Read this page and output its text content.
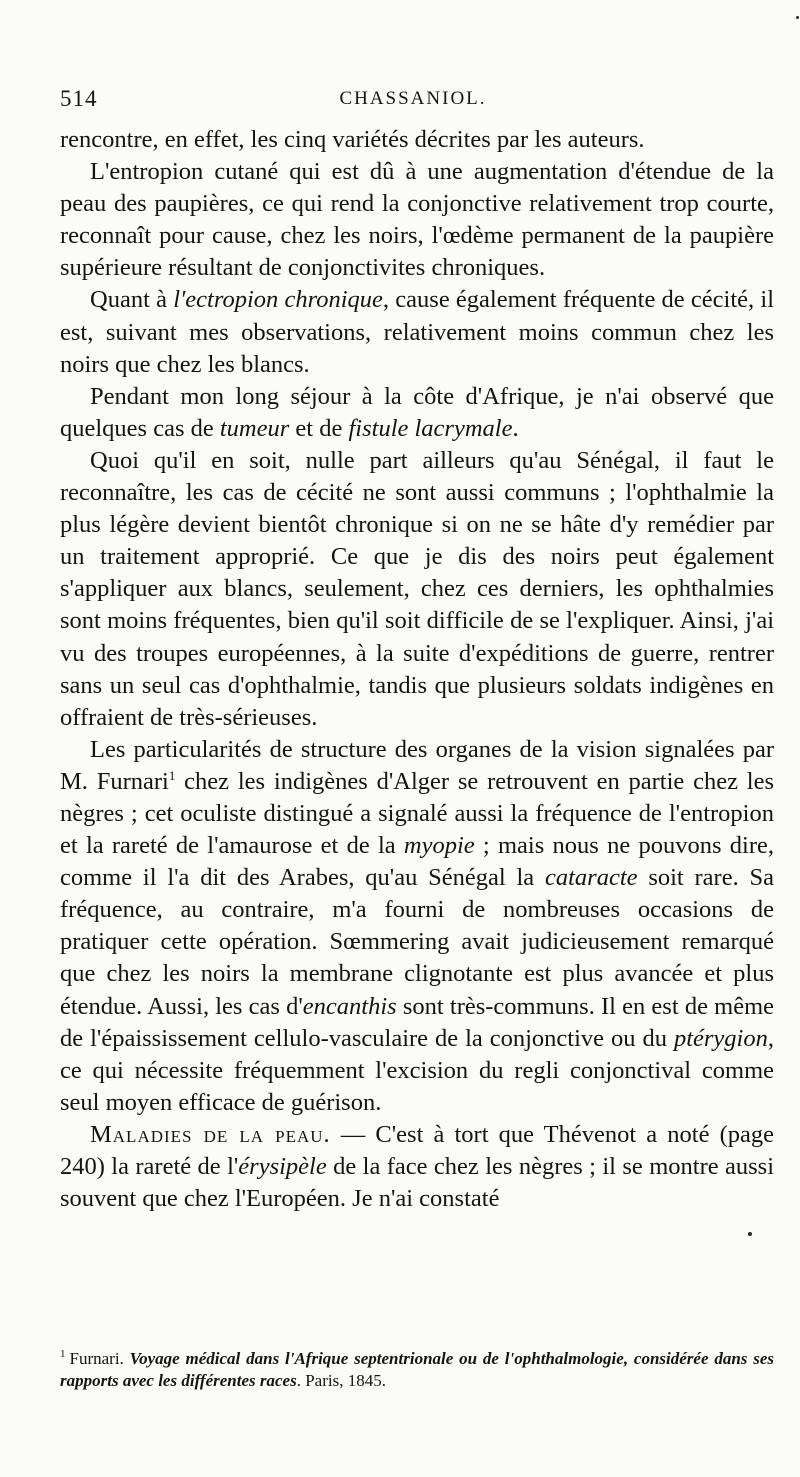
514	CHASSANIOL.

rencontre, en effet, les cinq variétés décrites par les auteurs.

L'entropion cutané qui est dû à une augmentation d'étendue de la peau des paupières, ce qui rend la conjonctive relativement trop courte, reconnaît pour cause, chez les noirs, l'œdème permanent de la paupière supérieure résultant de conjonctivites chroniques.

Quant à l'ectropion chronique, cause également fréquente de cécité, il est, suivant mes observations, relativement moins commun chez les noirs que chez les blancs.

Pendant mon long séjour à la côte d'Afrique, je n'ai observé que quelques cas de tumeur et de fistule lacrymale.

Quoi qu'il en soit, nulle part ailleurs qu'au Sénégal, il faut le reconnaître, les cas de cécité ne sont aussi communs ; l'ophthalmie la plus légère devient bientôt chronique si on ne se hâte d'y remédier par un traitement approprié. Ce que je dis des noirs peut également s'appliquer aux blancs, seulement, chez ces derniers, les ophthalmies sont moins fréquentes, bien qu'il soit difficile de se l'expliquer. Ainsi, j'ai vu des troupes européennes, à la suite d'expéditions de guerre, rentrer sans un seul cas d'ophthalmie, tandis que plusieurs soldats indigènes en offraient de très-sérieuses.

Les particularités de structure des organes de la vision signalées par M. Furnari$^1$ chez les indigènes d'Alger se retrouvent en partie chez les nègres ; cet oculiste distingué a signalé aussi la fréquence de l'entropion et la rareté de l'amaurose et de la myopie ; mais nous ne pouvons dire, comme il l'a dit des Arabes, qu'au Sénégal la cataracte soit rare. Sa fréquence, au contraire, m'a fourni de nombreuses occasions de pratiquer cette opération. Sœmmering avait judicieusement remarqué que chez les noirs la membrane clignotante est plus avancée et plus étendue. Aussi, les cas d'encanthis sont très-communs. Il en est de même de l'épaississement cellulo-vasculaire de la conjonctive ou du ptérygion, ce qui nécessite fréquemment l'excision du regli conjonctival comme seul moyen efficace de guérison.

Maladies de la peau. — C'est à tort que Thévenot a noté (page 240) la rareté de l'érysipèle de la face chez les nègres ; il se montre aussi souvent que chez l'Européen. Je n'ai constaté

$^1$ Furnari. Voyage médical dans l'Afrique septentrionale ou de l'ophthalmologie, considérée dans ses rapports avec les différentes races. Paris, 1845.
